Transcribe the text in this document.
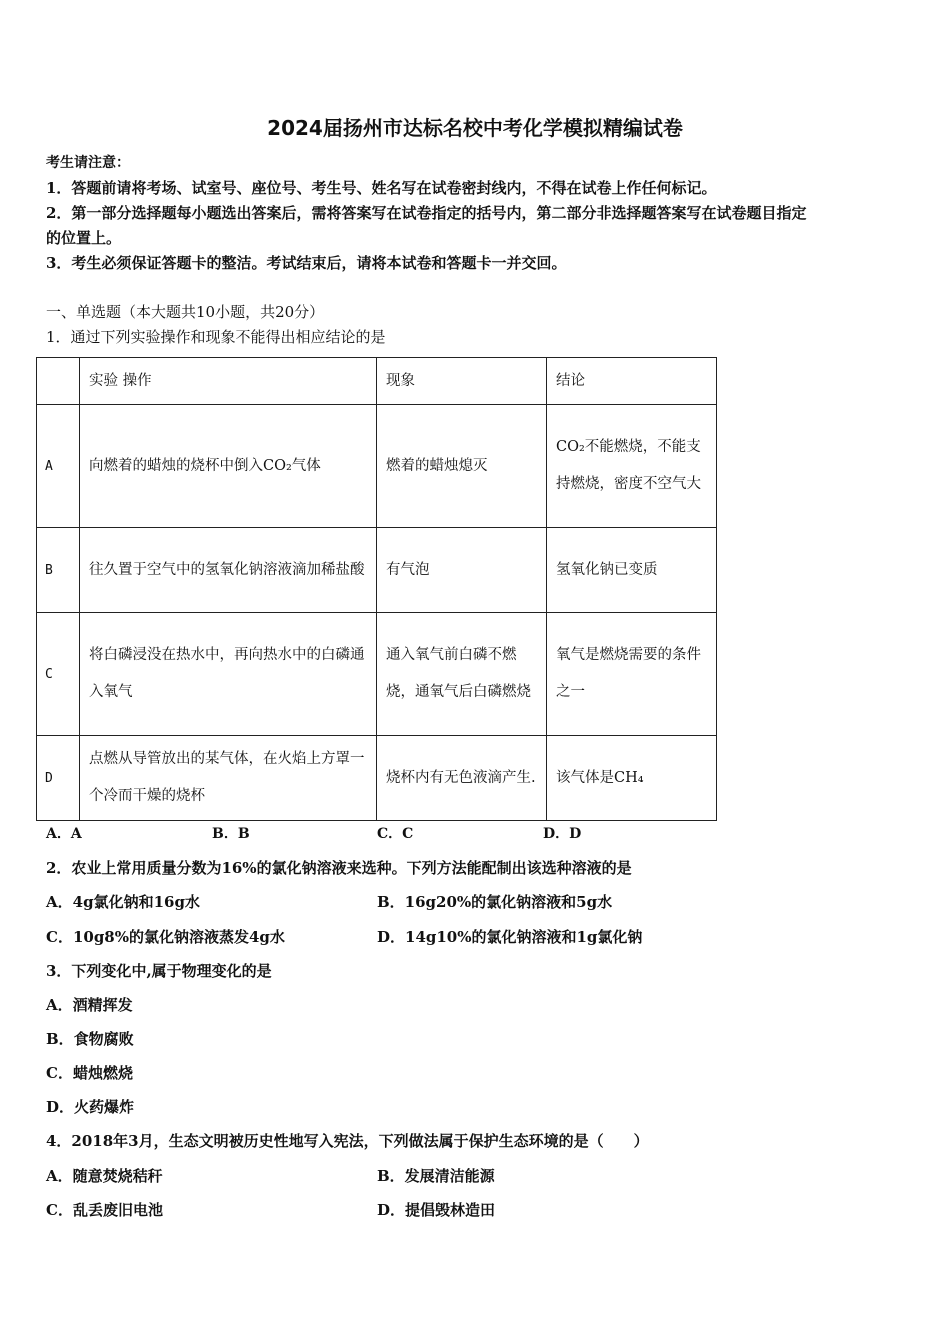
2024届扬州市达标名校中考化学模拟精编试卷
考生请注意：
1．答题前请将考场、试室号、座位号、考生号、姓名写在试卷密封线内，不得在试卷上作任何标记。
2．第一部分选择题每小题选出答案后，需将答案写在试卷指定的括号内，第二部分非选择题答案写在试卷题目指定
的位置上。
3．考生必须保证答题卡的整洁。考试结束后，请将本试卷和答题卡一并交回。
一、单选题（本大题共10小题，共20分）
1．通过下列实验操作和现象不能得出相应结论的是
	实验 操作	现象	结论
A	向燃着的蜡烛的烧杯中倒入CO₂气体	燃着的蜡烛熄灭	CO₂不能燃烧，不能支持燃烧，密度不空气大
B	往久置于空气中的氢氧化钠溶液滴加稀盐酸	有气泡	氢氧化钠已变质
C	将白磷浸没在热水中，再向热水中的白磷通入氧气	通入氧气前白磷不燃烧，通氧气后白磷燃烧	氧气是燃烧需要的条件之一
D	点燃从导管放出的某气体，在火焰上方罩一个冷而干燥的烧杯	烧杯内有无色液滴产生.	该气体是CH₄
A．A	B．B	C．C	D．D
2．农业上常用质量分数为16%的氯化钠溶液来选种。下列方法能配制出该选种溶液的是
A．4g氯化钠和16g水	B．16g20%的氯化钠溶液和5g水
C．10g8%的氯化钠溶液蒸发4g水	D．14g10%的氯化钠溶液和1g氯化钠
3．下列变化中,属于物理变化的是
A．酒精挥发
B．食物腐败
C．蜡烛燃烧
D．火药爆炸
4．2018年3月，生态文明被历史性地写入宪法，下列做法属于保护生态环境的是（　　）
A．随意焚烧秸秆	B．发展清洁能源
C．乱丢废旧电池	D．提倡毁林造田
